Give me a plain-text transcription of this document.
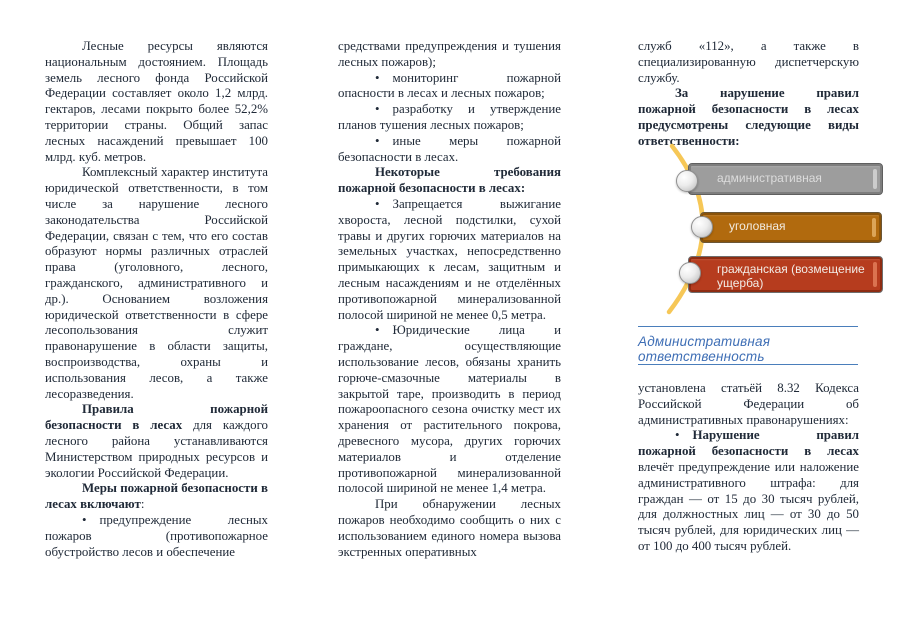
Лесные ресурсы являются национальным достоянием. Площадь земель лесного фонда Российской Федерации составляет около 1,2 млрд. гектаров, лесами покрыто более 52,2% территории страны. Общий запас лесных насаждений превышает 100 млрд. куб. метров.

Комплексный характер института юридической ответственности, в том числе за нарушение лесного законодательства Российской Федерации, связан с тем, что его состав образуют нормы различных отраслей права (уголовного, лесного, гражданского, административного и др.). Основанием возложения юридической ответственности в сфере лесопользования служит правонарушение в области защиты, воспроизводства, охраны и использования лесов, а также лесоразведения.

Правила пожарной безопасности в лесах для каждого лесного района устанавливаются Министерством природных ресурсов и экологии Российской Федерации.

Меры пожарной безопасности в лесах включают:

• предупреждение лесных пожаров (противопожарное обустройство лесов и обеспечение

средствами предупреждения и тушения лесных пожаров);

• мониторинг пожарной опасности в лесах и лесных пожаров;

• разработку и утверждение планов тушения лесных пожаров;

• иные меры пожарной безопасности в лесах.

Некоторые требования пожарной безопасности в лесах:

• Запрещается выжигание хвороста, лесной подстилки, сухой травы и других горючих материалов на земельных участках, непосредственно примыкающих к лесам, защитным и лесным насаждениям и не отделённых противопожарной минерализованной полосой шириной не менее 0,5 метра.

• Юридические лица и граждане, осуществляющие использование лесов, обязаны хранить горюче-смазочные материалы в закрытой таре, производить в период пожароопасного сезона очистку мест их хранения от растительного покрова, древесного мусора, других горючих материалов и отделение противопожарной минерализованной полосой шириной не менее 1,4 метра.

При обнаружении лесных пожаров необходимо сообщить о них с использованием единого номера вызова экстренных оперативных

служб «112», а также в специализированную диспетчерскую службу.

За нарушение правил пожарной безопасности в лесах предусмотрены следующие виды ответственности:

административная
уголовная
гражданская (возмещение ущерба)
Административная ответственность

установлена статьёй 8.32 Кодекса Российской Федерации об административных правонарушениях:

• Нарушение правил пожарной безопасности в лесах влечёт предупреждение или наложение административного штрафа: для граждан — от 15 до 30 тысяч рублей, для должностных лиц — от 30 до 50 тысяч рублей, для юридических лиц — от 100 до 400 тысяч рублей.
